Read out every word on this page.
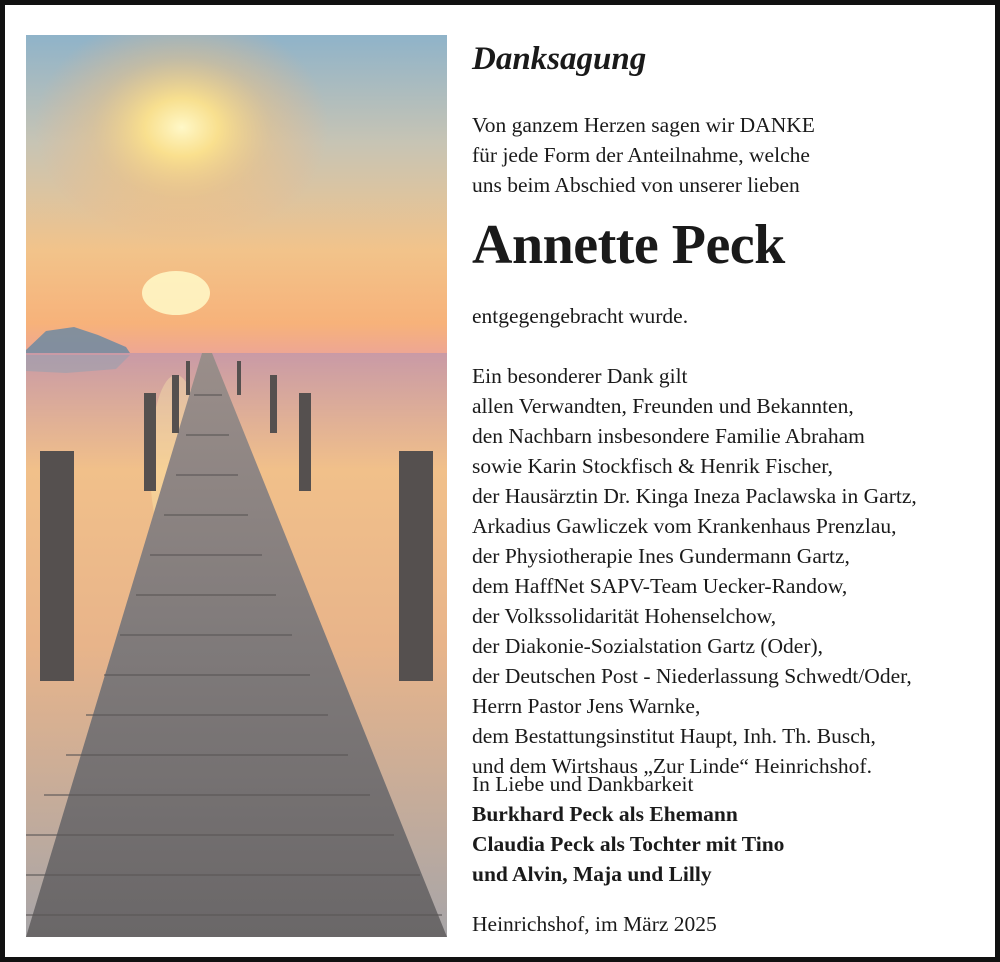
Danksagung
Von ganzem Herzen sagen wir DANKE
für jede Form der Anteilnahme, welche
uns beim Abschied von unserer lieben
Annette Peck
entgegengebracht wurde.
Ein besonderer Dank gilt
allen Verwandten, Freunden und Bekannten,
den Nachbarn insbesondere Familie Abraham
sowie Karin Stockfisch & Henrik Fischer,
der Hausärztin Dr. Kinga Ineza Paclawska in Gartz,
Arkadius Gawliczek vom Krankenhaus Prenzlau,
der Physiotherapie Ines Gundermann Gartz,
dem HaffNet SAPV-Team Uecker-Randow,
der Volkssolidarität Hohenselchow,
der Diakonie-Sozialstation Gartz (Oder),
der Deutschen Post - Niederlassung Schwedt/Oder,
Herrn Pastor Jens Warnke,
dem Bestattungsinstitut Haupt, Inh. Th. Busch,
und dem Wirtshaus „Zur Linde“ Heinrichshof.
In Liebe und Dankbarkeit
Burkhard Peck als Ehemann
Claudia Peck als Tochter mit Tino
und Alvin, Maja und Lilly
Heinrichshof, im März 2025
